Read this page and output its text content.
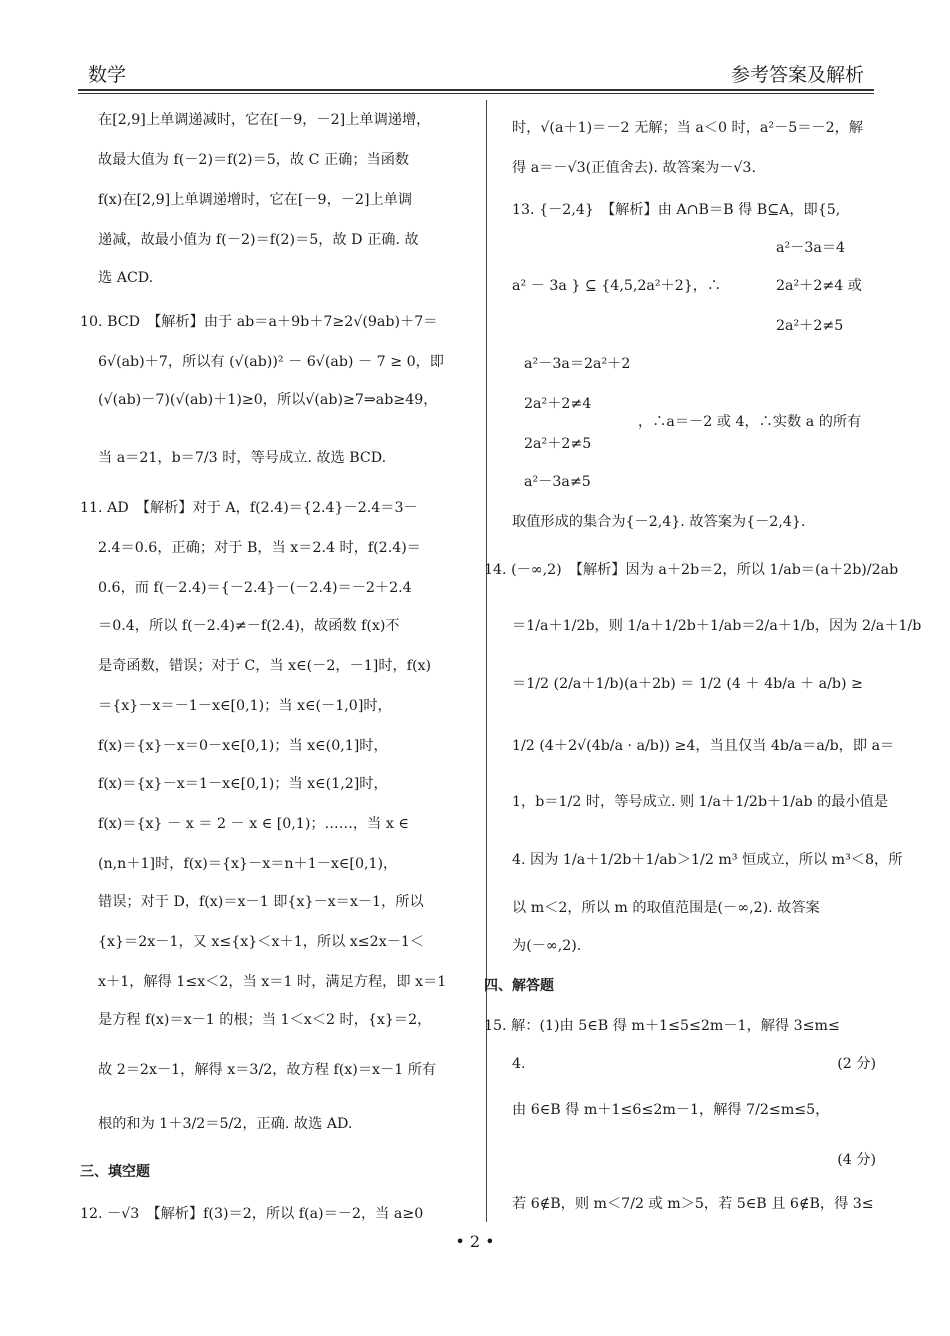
数学	参考答案及解析
在[2,9]上单调递减时，它在[－9，－2]上单调递增，
故最大值为 f(－2)＝f(2)＝5，故 C 正确；当函数
f(x)在[2,9]上单调递增时，它在[－9，－2]上单调
递减，故最小值为 f(－2)＝f(2)＝5，故 D 正确. 故
选 ACD.
10. BCD　【解析】由于 ab＝a＋9b＋7≥2√(9ab)＋7＝
6√(ab)＋7，所以有 (√(ab))² － 6√(ab) － 7 ≥ 0，即
(√(ab)－7)(√(ab)＋1)≥0，所以√(ab)≥7⇒ab≥49，
当 a＝21，b＝7/3 时，等号成立. 故选 BCD.
11. AD　【解析】对于 A，f(2.4)＝{2.4}－2.4＝3－
2.4＝0.6，正确；对于 B，当 x＝2.4 时，f(2.4)＝
0.6，而 f(－2.4)＝{－2.4}－(－2.4)＝－2＋2.4
＝0.4，所以 f(－2.4)≠－f(2.4)，故函数 f(x)不
是奇函数，错误；对于 C，当 x∈(－2，－1]时，f(x)
＝{x}－x＝－1－x∈[0,1)；当 x∈(－1,0]时，
f(x)＝{x}－x＝0－x∈[0,1)；当 x∈(0,1]时，
f(x)＝{x}－x＝1－x∈[0,1)；当 x∈(1,2]时，
f(x)＝{x} － x ＝ 2 － x ∈ [0,1)；……，当 x ∈
(n,n＋1]时，f(x)＝{x}－x＝n＋1－x∈[0,1)，
错误；对于 D，f(x)＝x－1 即{x}－x＝x－1，所以
{x}＝2x－1，又 x≤{x}＜x＋1，所以 x≤2x－1＜
x＋1，解得 1≤x＜2，当 x＝1 时，满足方程，即 x＝1
是方程 f(x)＝x－1 的根；当 1＜x＜2 时，{x}＝2，
故 2＝2x－1，解得 x＝3/2，故方程 f(x)＝x－1 所有
根的和为 1＋3/2＝5/2，正确. 故选 AD.
三、填空题
12. －√3　【解析】f(3)＝2，所以 f(a)＝－2，当 a≥0
时，√(a＋1)＝－2 无解；当 a＜0 时，a²－5＝－2，解
得 a＝－√3(正值舍去). 故答案为－√3.
13. {－2,4}　【解析】由 A∩B＝B 得 B⊆A，即{5,
a²－3a＝4
a² － 3a } ⊆ {4,5,2a²＋2}，∴	2a²＋2≠4 或
2a²＋2≠5
a²－3a＝2a²＋2
2a²＋2≠4
，∴a＝－2 或 4，∴实数 a 的所有
2a²＋2≠5
a²－3a≠5
取值形成的集合为{－2,4}. 故答案为{－2,4}.
14. (－∞,2)　【解析】因为 a＋2b＝2，所以 1/ab＝(a＋2b)/2ab
＝1/a＋1/2b，则 1/a＋1/2b＋1/ab＝2/a＋1/b，因为 2/a＋1/b
＝1/2 (2/a＋1/b)(a＋2b) ＝ 1/2 (4 ＋ 4b/a ＋ a/b) ≥
1/2 (4＋2√(4b/a · a/b)) ≥4，当且仅当 4b/a＝a/b，即 a＝
1，b＝1/2 时，等号成立. 则 1/a＋1/2b＋1/ab 的最小值是
4. 因为 1/a＋1/2b＋1/ab＞1/2 m³ 恒成立，所以 m³＜8，所
以 m＜2，所以 m 的取值范围是(－∞,2). 故答案
为(－∞,2).
四、解答题
15. 解：(1)由 5∈B 得 m＋1≤5≤2m－1，解得 3≤m≤
4.	(2 分)
由 6∈B 得 m＋1≤6≤2m－1，解得 7/2≤m≤5，
(4 分)
若 6∉B，则 m＜7/2 或 m＞5，若 5∈B 且 6∉B，得 3≤
• 2 •
